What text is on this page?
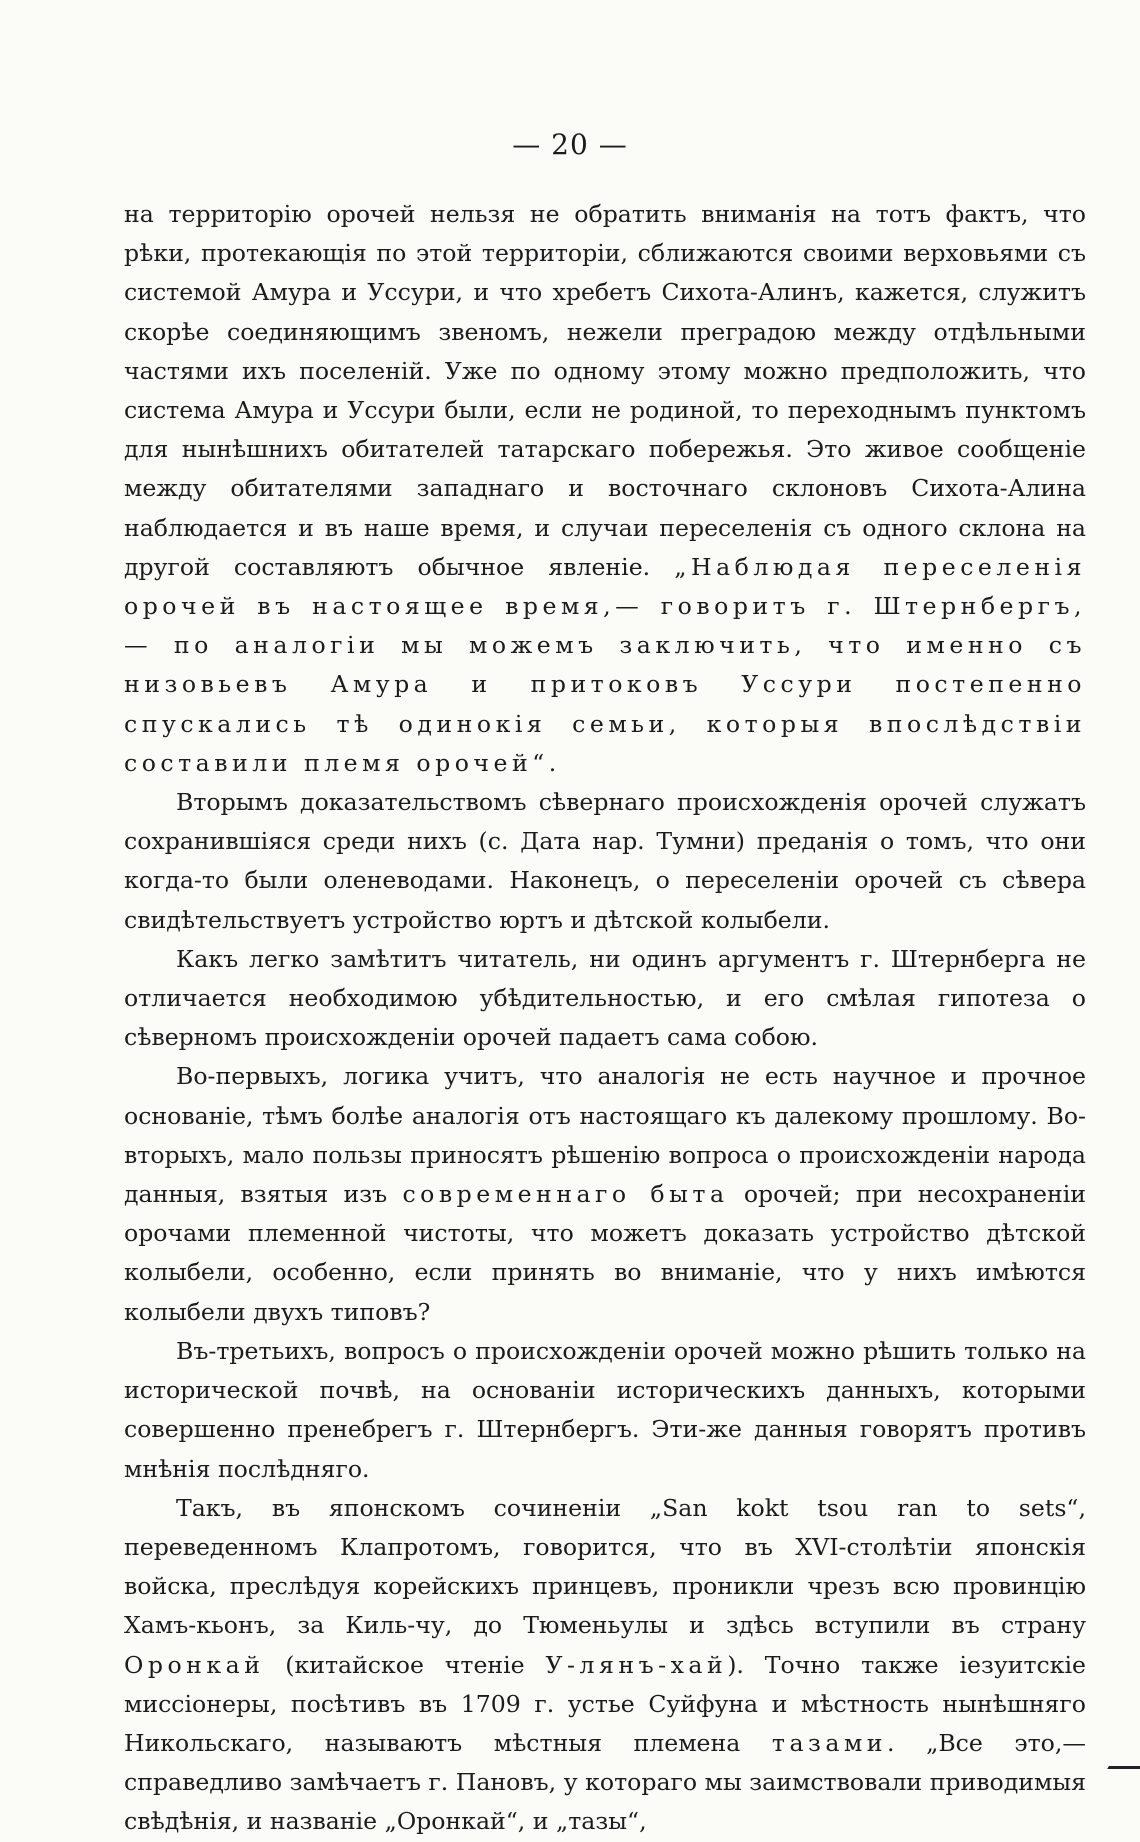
— 20 —

на территорію орочей нельзя не обратить вниманія на тотъ фактъ, что рѣки, протекающія по этой территоріи, сближаются своими верховьями съ системой Амура и Уссури, и что хребетъ Сихота-Алинъ, кажется, служитъ скорѣе соединяющимъ звеномъ, нежели преградою между отдѣльными частями ихъ поселеній. Уже по одному этому можно предположить, что система Амура и Уссури были, если не родиной, то переходнымъ пунктомъ для нынѣшнихъ обитателей татарскаго побережья. Это живое сообщеніе между обитателями западнаго и восточнаго склоновъ Сихота-Алина наблюдается и въ наше время, и случаи переселенія съ одного склона на другой составляютъ обычное явленіе. „Наблюдая переселенія орочей въ настоящее время,— говоритъ г. Штернбергъ, — по аналогіи мы можемъ заключить, что именно съ низовьевъ Амура и притоковъ Уссури постепенно спускались тѣ одинокія семьи, которыя впослѣдствіи составили племя орочей“.

Вторымъ доказательствомъ сѣвернаго происхожденія орочей служатъ сохранившіяся среди нихъ (с. Дата нар. Тумни) преданія о томъ, что они когда-то были оленеводами. Наконецъ, о переселеніи орочей съ сѣвера свидѣтельствуетъ устройство юртъ и дѣтской колыбели.

Какъ легко замѣтитъ читатель, ни одинъ аргументъ г. Штернберга не отличается необходимою убѣдительностью, и его смѣлая гипотеза о сѣверномъ происхожденіи орочей падаетъ сама собою.

Во-первыхъ, логика учитъ, что аналогія не есть научное и прочное основаніе, тѣмъ болѣе аналогія отъ настоящаго къ далекому прошлому. Во-вторыхъ, мало пользы приносятъ рѣшенію вопроса о происхожденіи народа данныя, взятыя изъ современнаго быта орочей; при несохраненіи орочами племенной чистоты, что можетъ доказать устройство дѣтской колыбели, особенно, если принять во вниманіе, что у нихъ имѣются колыбели двухъ типовъ?

Въ-третьихъ, вопросъ о происхожденіи орочей можно рѣшить только на исторической почвѣ, на основаніи историческихъ данныхъ, которыми совершенно пренебрегъ г. Штернбергъ. Эти-же данныя говорятъ противъ мнѣнія послѣдняго.

Такъ, въ японскомъ сочиненіи „San kokt tsou ran to sets“, переведенномъ Клапротомъ, говорится, что въ XVI-столѣтіи японскія войска, преслѣдуя корейскихъ принцевъ, проникли чрезъ всю провинцію Хамъ-кьонъ, за Киль-чу, до Тюменьулы и здѣсь вступили въ страну Оронкай (китайское чтеніе У-лянъ-хай). Точно также іезуитскіе миссіонеры, посѣтивъ въ 1709 г. устье Суйфуна и мѣстность нынѣшняго Никольскаго, называютъ мѣстныя племена тазами. „Все это,—справедливо замѣчаетъ г. Пановъ, у котораго мы заимствовали приводимыя свѣдѣнія, и названіе „Оронкай“, и „тазы“,
